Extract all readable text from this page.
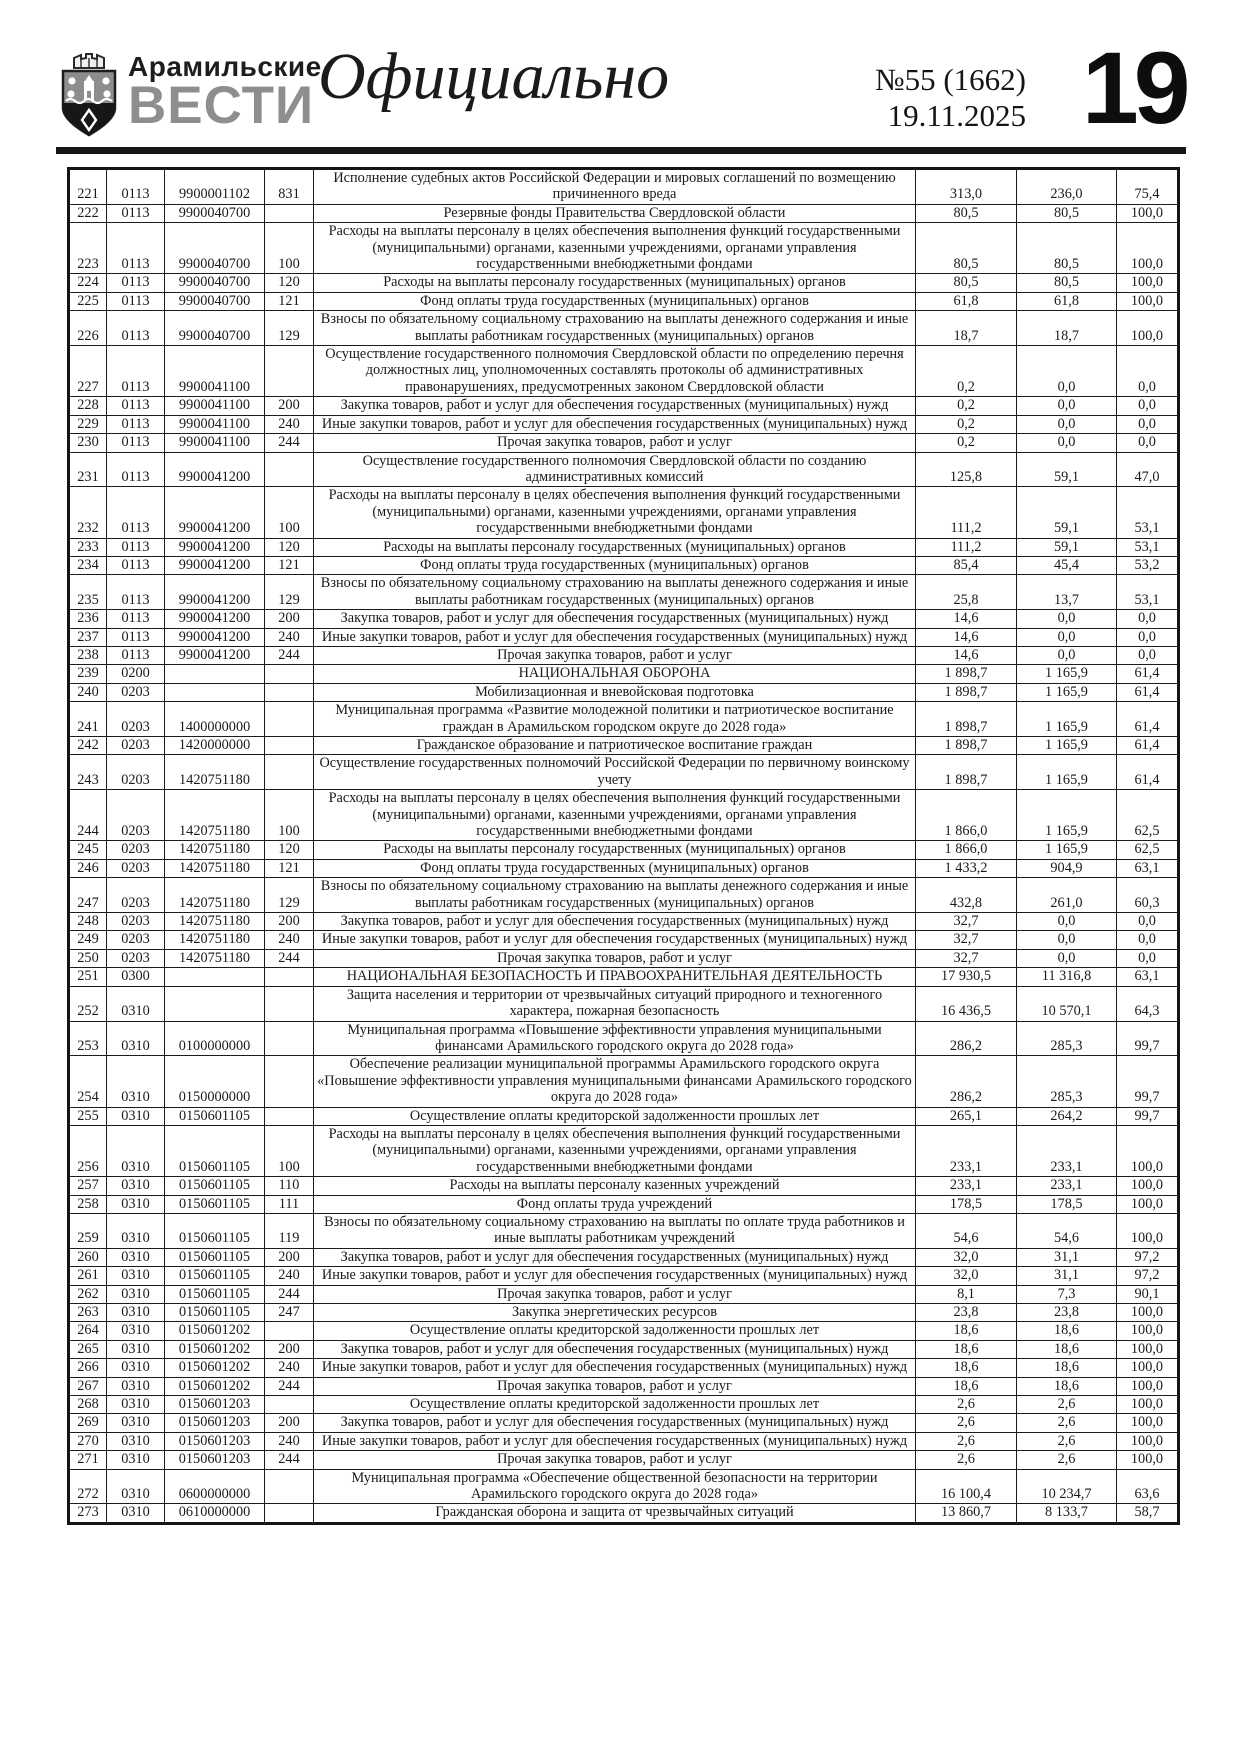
Арамильские
ВЕСТИ Официально	№55 (1662)
19.11.2025 19
221	0113	9900001102	831	Исполнение судебных актов Российской Федерации и мировых соглашений по возмещению причиненного вреда	313,0	236,0	75,4
222	0113	9900040700		Резервные фонды Правительства Свердловской области	80,5	80,5	100,0
223	0113	9900040700	100	Расходы на выплаты персоналу в целях обеспечения выполнения функций государственными (муниципальными) органами, казенными учреждениями, органами управления государственными внебюджетными фондами	80,5	80,5	100,0
224	0113	9900040700	120	Расходы на выплаты персоналу государственных (муниципальных) органов	80,5	80,5	100,0
225	0113	9900040700	121	Фонд оплаты труда государственных (муниципальных) органов	61,8	61,8	100,0
226	0113	9900040700	129	Взносы по обязательному социальному страхованию на выплаты денежного содержания и иные выплаты работникам государственных (муниципальных) органов	18,7	18,7	100,0
227	0113	9900041100		Осуществление государственного полномочия Свердловской области по определению перечня должностных лиц, уполномоченных составлять протоколы об административных правонарушениях, предусмотренных законом Свердловской области	0,2	0,0	0,0
228	0113	9900041100	200	Закупка товаров, работ и услуг для обеспечения государственных (муниципальных) нужд	0,2	0,0	0,0
229	0113	9900041100	240	Иные закупки товаров, работ и услуг для обеспечения государственных (муниципальных) нужд	0,2	0,0	0,0
230	0113	9900041100	244	Прочая закупка товаров, работ и услуг	0,2	0,0	0,0
231	0113	9900041200		Осуществление государственного полномочия Свердловской области по созданию административных комиссий	125,8	59,1	47,0
232	0113	9900041200	100	Расходы на выплаты персоналу в целях обеспечения выполнения функций государственными (муниципальными) органами, казенными учреждениями, органами управления государственными внебюджетными фондами	111,2	59,1	53,1
233	0113	9900041200	120	Расходы на выплаты персоналу государственных (муниципальных) органов	111,2	59,1	53,1
234	0113	9900041200	121	Фонд оплаты труда государственных (муниципальных) органов	85,4	45,4	53,2
235	0113	9900041200	129	Взносы по обязательному социальному страхованию на выплаты денежного содержания и иные выплаты работникам государственных (муниципальных) органов	25,8	13,7	53,1
236	0113	9900041200	200	Закупка товаров, работ и услуг для обеспечения государственных (муниципальных) нужд	14,6	0,0	0,0
237	0113	9900041200	240	Иные закупки товаров, работ и услуг для обеспечения государственных (муниципальных) нужд	14,6	0,0	0,0
238	0113	9900041200	244	Прочая закупка товаров, работ и услуг	14,6	0,0	0,0
239	0200			НАЦИОНАЛЬНАЯ ОБОРОНА	1 898,7	1 165,9	61,4
240	0203			Мобилизационная и вневойсковая подготовка	1 898,7	1 165,9	61,4
241	0203	1400000000		Муниципальная программа «Развитие молодежной политики и патриотическое воспитание граждан в Арамильском городском округе до 2028 года»	1 898,7	1 165,9	61,4
242	0203	1420000000		Гражданское образование и патриотическое воспитание граждан	1 898,7	1 165,9	61,4
243	0203	1420751180		Осуществление государственных полномочий Российской Федерации по первичному воинскому учету	1 898,7	1 165,9	61,4
244	0203	1420751180	100	Расходы на выплаты персоналу в целях обеспечения выполнения функций государственными (муниципальными) органами, казенными учреждениями, органами управления государственными внебюджетными фондами	1 866,0	1 165,9	62,5
245	0203	1420751180	120	Расходы на выплаты персоналу государственных (муниципальных) органов	1 866,0	1 165,9	62,5
246	0203	1420751180	121	Фонд оплаты труда государственных (муниципальных) органов	1 433,2	904,9	63,1
247	0203	1420751180	129	Взносы по обязательному социальному страхованию на выплаты денежного содержания и иные выплаты работникам государственных (муниципальных) органов	432,8	261,0	60,3
248	0203	1420751180	200	Закупка товаров, работ и услуг для обеспечения государственных (муниципальных) нужд	32,7	0,0	0,0
249	0203	1420751180	240	Иные закупки товаров, работ и услуг для обеспечения государственных (муниципальных) нужд	32,7	0,0	0,0
250	0203	1420751180	244	Прочая закупка товаров, работ и услуг	32,7	0,0	0,0
251	0300			НАЦИОНАЛЬНАЯ БЕЗОПАСНОСТЬ И ПРАВООХРАНИТЕЛЬНАЯ ДЕЯТЕЛЬНОСТЬ	17 930,5	11 316,8	63,1
252	0310			Защита населения и территории от чрезвычайных ситуаций природного и техногенного характера, пожарная безопасность	16 436,5	10 570,1	64,3
253	0310	0100000000		Муниципальная программа «Повышение эффективности управления муниципальными финансами Арамильского городского округа до 2028 года»	286,2	285,3	99,7
254	0310	0150000000		Обеспечение реализации муниципальной программы Арамильского городского округа «Повышение эффективности управления муниципальными финансами Арамильского городского округа до 2028 года»	286,2	285,3	99,7
255	0310	0150601105		Осуществление оплаты кредиторской задолженности прошлых лет	265,1	264,2	99,7
256	0310	0150601105	100	Расходы на выплаты персоналу в целях обеспечения выполнения функций государственными (муниципальными) органами, казенными учреждениями, органами управления государственными внебюджетными фондами	233,1	233,1	100,0
257	0310	0150601105	110	Расходы на выплаты персоналу казенных учреждений	233,1	233,1	100,0
258	0310	0150601105	111	Фонд оплаты труда учреждений	178,5	178,5	100,0
259	0310	0150601105	119	Взносы по обязательному социальному страхованию на выплаты по оплате труда работников и иные выплаты работникам учреждений	54,6	54,6	100,0
260	0310	0150601105	200	Закупка товаров, работ и услуг для обеспечения государственных (муниципальных) нужд	32,0	31,1	97,2
261	0310	0150601105	240	Иные закупки товаров, работ и услуг для обеспечения государственных (муниципальных) нужд	32,0	31,1	97,2
262	0310	0150601105	244	Прочая закупка товаров, работ и услуг	8,1	7,3	90,1
263	0310	0150601105	247	Закупка энергетических ресурсов	23,8	23,8	100,0
264	0310	0150601202		Осуществление оплаты кредиторской задолженности прошлых лет	18,6	18,6	100,0
265	0310	0150601202	200	Закупка товаров, работ и услуг для обеспечения государственных (муниципальных) нужд	18,6	18,6	100,0
266	0310	0150601202	240	Иные закупки товаров, работ и услуг для обеспечения государственных (муниципальных) нужд	18,6	18,6	100,0
267	0310	0150601202	244	Прочая закупка товаров, работ и услуг	18,6	18,6	100,0
268	0310	0150601203		Осуществление оплаты кредиторской задолженности прошлых лет	2,6	2,6	100,0
269	0310	0150601203	200	Закупка товаров, работ и услуг для обеспечения государственных (муниципальных) нужд	2,6	2,6	100,0
270	0310	0150601203	240	Иные закупки товаров, работ и услуг для обеспечения государственных (муниципальных) нужд	2,6	2,6	100,0
271	0310	0150601203	244	Прочая закупка товаров, работ и услуг	2,6	2,6	100,0
272	0310	0600000000		Муниципальная программа «Обеспечение общественной безопасности на территории Арамильского городского округа до 2028 года»	16 100,4	10 234,7	63,6
273	0310	0610000000		Гражданская оборона и защита от чрезвычайных ситуаций	13 860,7	8 133,7	58,7
